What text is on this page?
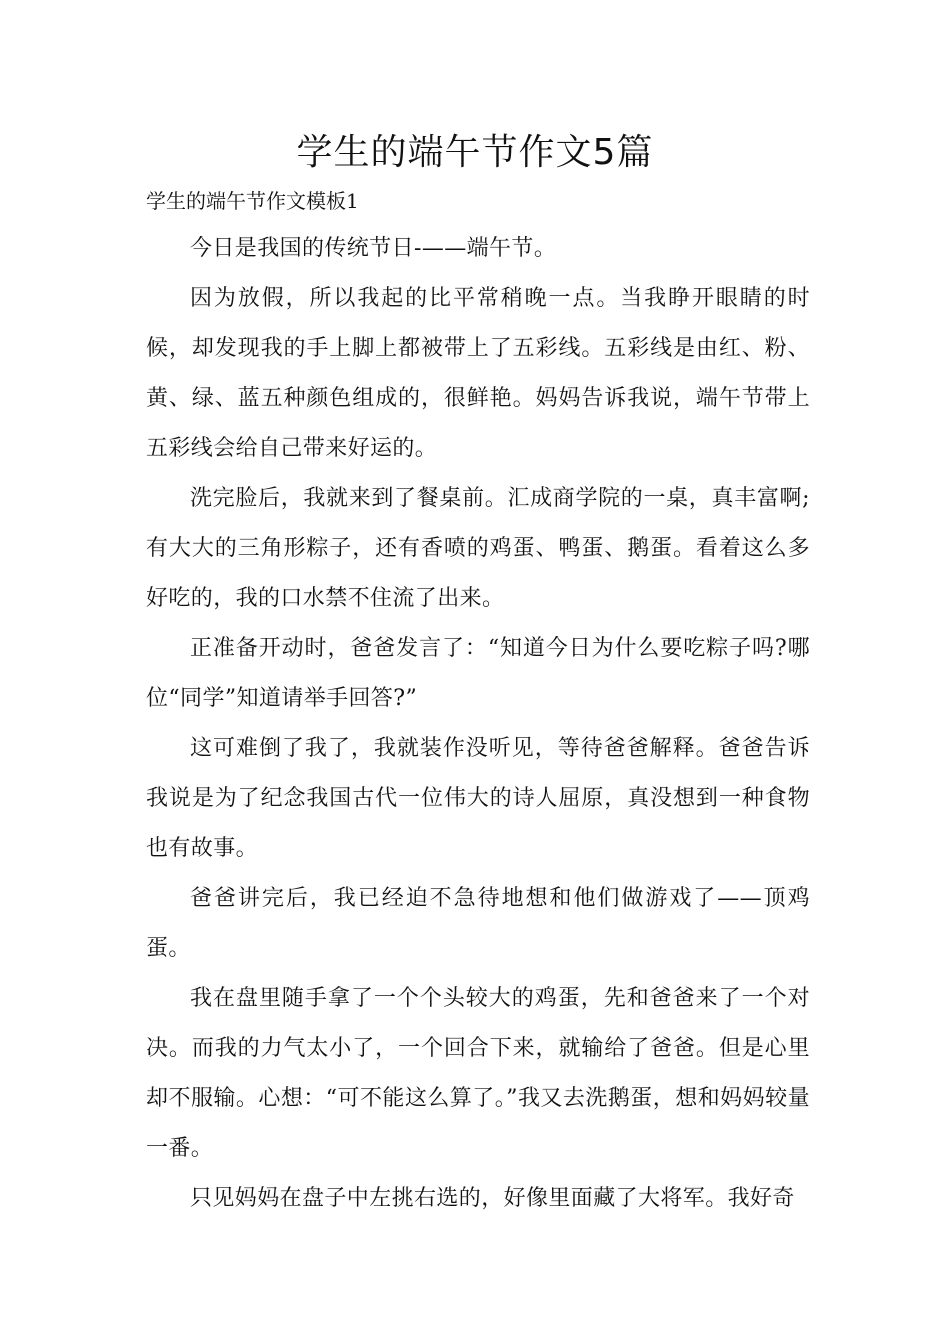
学生的端午节作文5篇

学生的端午节作文模板1

今日是我国的传统节日-——端午节。

因为放假，所以我起的比平常稍晚一点。当我睁开眼睛的时候，却发现我的手上脚上都被带上了五彩线。五彩线是由红、粉、黄、绿、蓝五种颜色组成的，很鲜艳。妈妈告诉我说，端午节带上五彩线会给自己带来好运的。

洗完脸后，我就来到了餐桌前。汇成商学院的一桌，真丰富啊;有大大的三角形粽子，还有香喷的鸡蛋、鸭蛋、鹅蛋。看着这么多好吃的，我的口水禁不住流了出来。

正准备开动时，爸爸发言了：“知道今日为什么要吃粽子吗?哪位“同学”知道请举手回答?”

这可难倒了我了，我就装作没听见，等待爸爸解释。爸爸告诉我说是为了纪念我国古代一位伟大的诗人屈原，真没想到一种食物也有故事。

爸爸讲完后，我已经迫不急待地想和他们做游戏了——顶鸡蛋。

我在盘里随手拿了一个个头较大的鸡蛋，先和爸爸来了一个对决。而我的力气太小了，一个回合下来，就输给了爸爸。但是心里却不服输。心想：“可不能这么算了。”我又去洗鹅蛋，想和妈妈较量一番。

只见妈妈在盘子中左挑右选的，好像里面藏了大将军。我好奇
